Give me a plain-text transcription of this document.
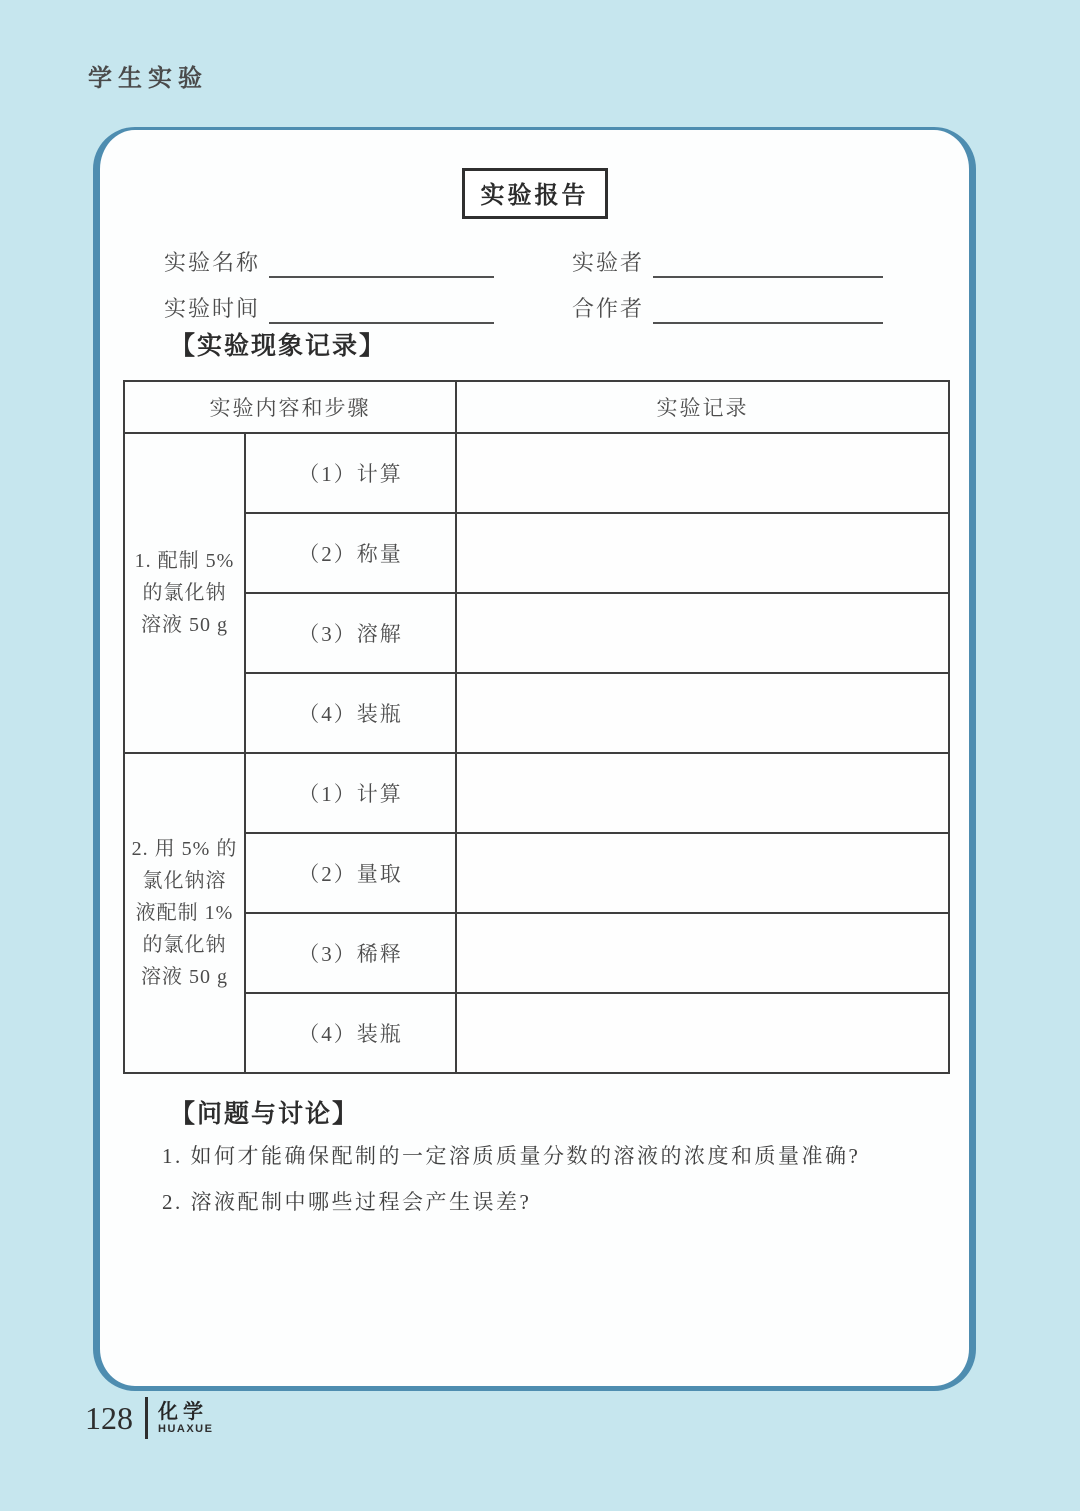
学生实验
实验报告
实验名称	实验者
实验时间	合作者
【实验现象记录】
实验内容和步骤		实验记录
1. 配制 5% 的氯化钠 溶液 50 g	（1）计算	
	（2）称量	
	（3）溶解	
	（4）装瓶	
2. 用 5% 的 氯化钠溶 液配制 1% 的氯化钠 溶液 50 g	（1）计算	
	（2）量取	
	（3）稀释	
	（4）装瓶	
【问题与讨论】
1. 如何才能确保配制的一定溶质质量分数的溶液的浓度和质量准确?
2. 溶液配制中哪些过程会产生误差?
128 化学
HUAXUE
